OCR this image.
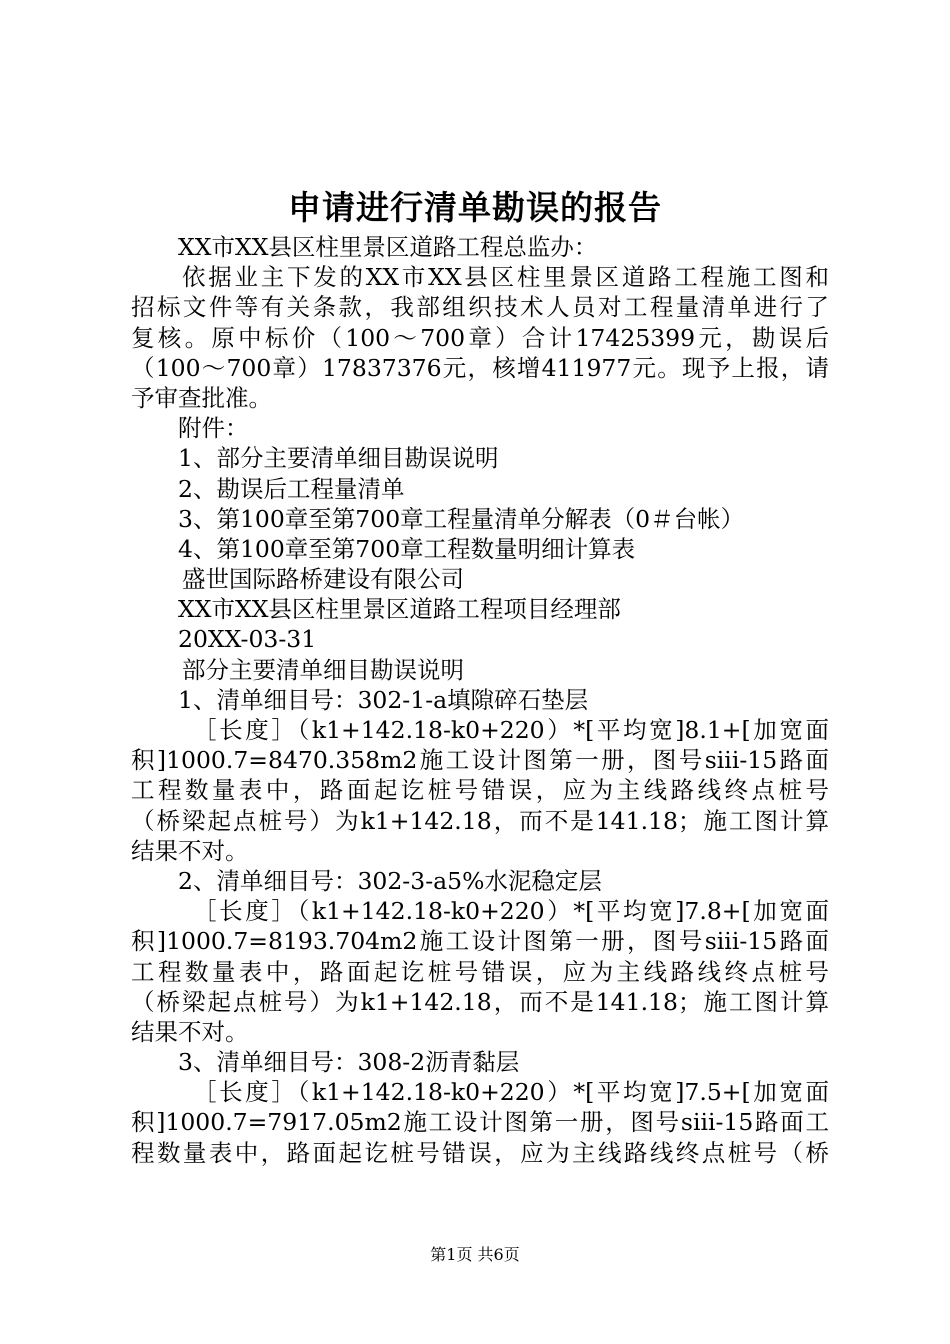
申请进行清单勘误的报告
XX市XX县区柱里景区道路工程总监办：
依据业主下发的XX市XX县区柱里景区道路工程施工图和
招标文件等有关条款，我部组织技术人员对工程量清单进行了
复核。原中标价（100～700章）合计17425399元，勘误后
（100～700章）17837376元，核增411977元。现予上报，请
予审查批准。
附件：
1、部分主要清单细目勘误说明
2、勘误后工程量清单
3、第100章至第700章工程量清单分解表（0＃台帐）
4、第100章至第700章工程数量明细计算表
盛世国际路桥建设有限公司
XX市XX县区柱里景区道路工程项目经理部
20XX-03-31
部分主要清单细目勘误说明
1、清单细目号：302-1-a填隙碎石垫层
［长度］（k1+142.18-k0+220）*[平均宽]8.1+[加宽面
积]1000.7=8470.358m2施工设计图第一册，图号siii-15路面
工程数量表中，路面起讫桩号错误，应为主线路线终点桩号
（桥梁起点桩号）为k1+142.18，而不是141.18；施工图计算
结果不对。
2、清单细目号：302-3-a5%水泥稳定层
［长度］（k1+142.18-k0+220）*[平均宽]7.8+[加宽面
积]1000.7=8193.704m2施工设计图第一册，图号siii-15路面
工程数量表中，路面起讫桩号错误，应为主线路线终点桩号
（桥梁起点桩号）为k1+142.18，而不是141.18；施工图计算
结果不对。
3、清单细目号：308-2沥青黏层
［长度］（k1+142.18-k0+220）*[平均宽]7.5+[加宽面
积]1000.7=7917.05m2施工设计图第一册，图号siii-15路面工
程数量表中，路面起讫桩号错误，应为主线路线终点桩号（桥
第1页 共6页
